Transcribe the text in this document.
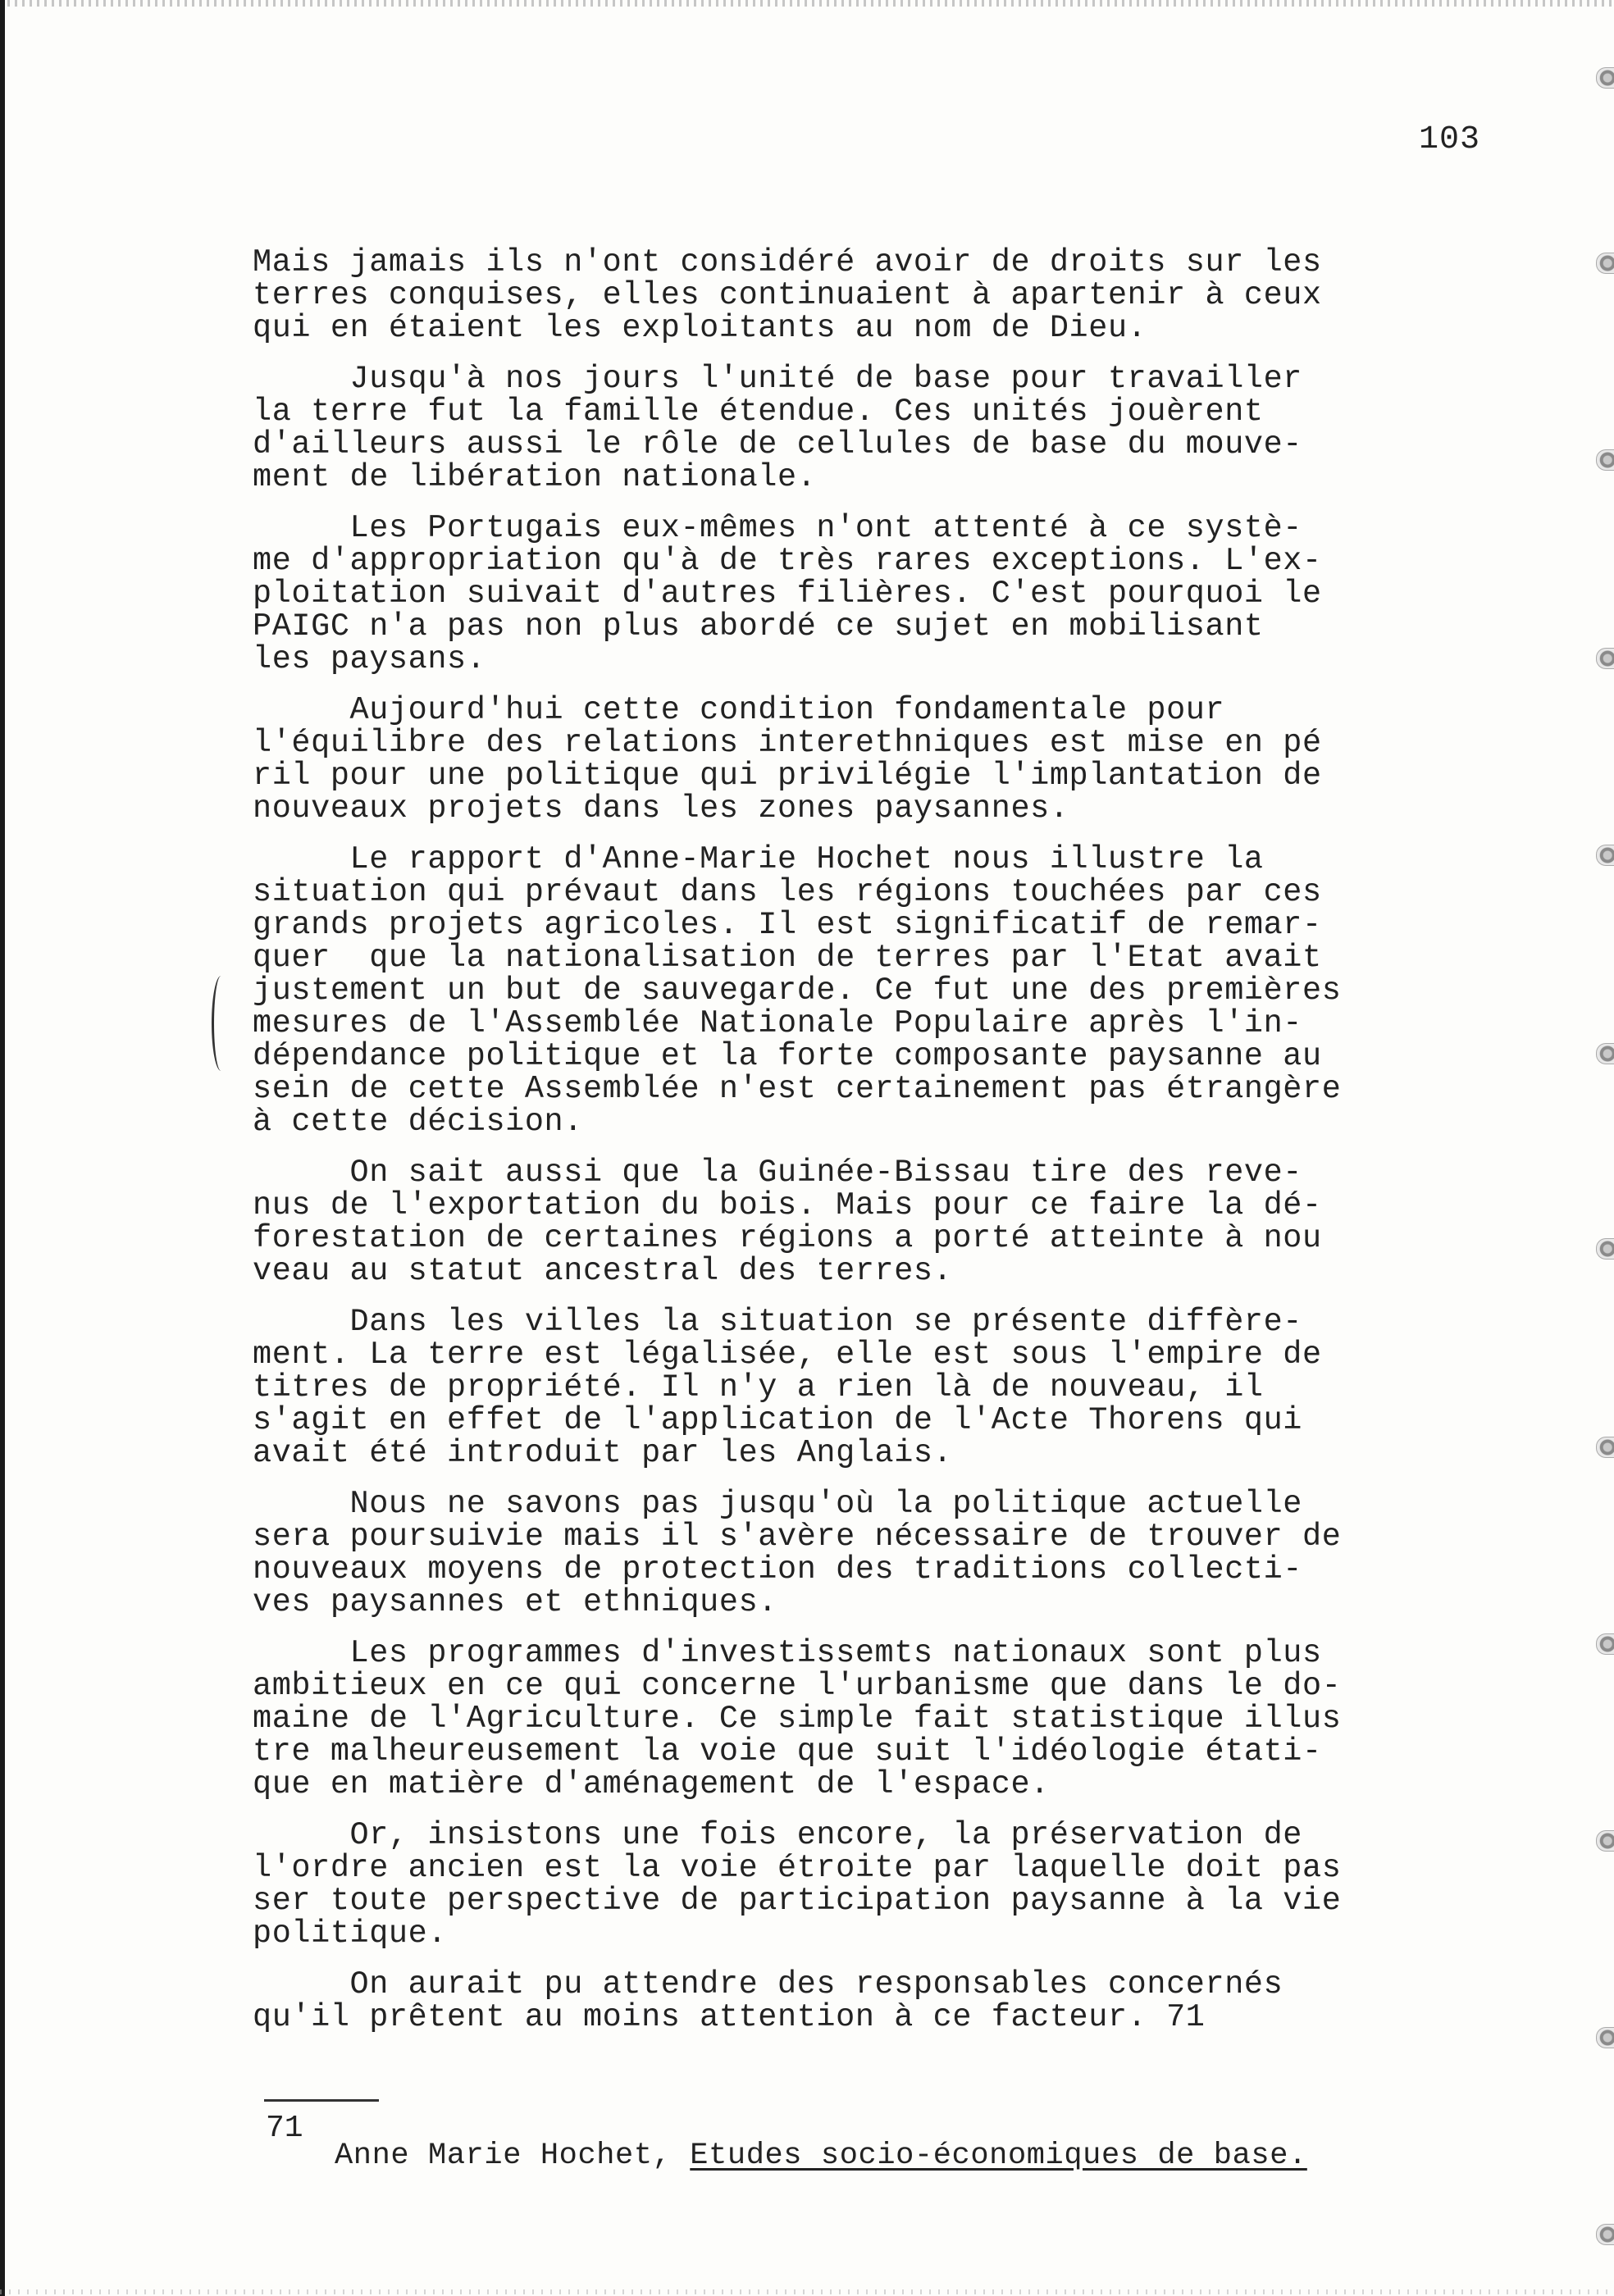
103
Mais jamais ils n'ont considéré avoir de droits sur les
terres conquises, elles continuaient à apartenir à ceux
qui en étaient les exploitants au nom de Dieu.
Jusqu'à nos jours l'unité de base pour travailler
la terre fut la famille étendue. Ces unités jouèrent
d'ailleurs aussi le rôle de cellules de base du mouve-
ment de libération nationale.
Les Portugais eux-mêmes n'ont attenté à ce systè-
me d'appropriation qu'à de très rares exceptions. L'ex-
ploitation suivait d'autres filières. C'est pourquoi le
PAIGC n'a pas non plus abordé ce sujet en mobilisant
les paysans.
Aujourd'hui cette condition fondamentale pour
l'équilibre des relations interethniques est mise en pé
ril pour une politique qui privilégie l'implantation de
nouveaux projets dans les zones paysannes.
Le rapport d'Anne-Marie Hochet nous illustre la
situation qui prévaut dans les régions touchées par ces
grands projets agricoles. Il est significatif de remar-
quer  que la nationalisation de terres par l'Etat avait
justement un but de sauvegarde. Ce fut une des premières
mesures de l'Assemblée Nationale Populaire après l'in-
dépendance politique et la forte composante paysanne au
sein de cette Assemblée n'est certainement pas étrangère
à cette décision.
On sait aussi que la Guinée-Bissau tire des reve-
nus de l'exportation du bois. Mais pour ce faire la dé-
forestation de certaines régions a porté atteinte à nou
veau au statut ancestral des terres.
Dans les villes la situation se présente diffère-
ment. La terre est légalisée, elle est sous l'empire de
titres de propriété. Il n'y a rien là de nouveau, il
s'agit en effet de l'application de l'Acte Thorens qui
avait été introduit par les Anglais.
Nous ne savons pas jusqu'où la politique actuelle
sera poursuivie mais il s'avère nécessaire de trouver de
nouveaux moyens de protection des traditions collecti-
ves paysannes et ethniques.
Les programmes d'investissemts nationaux sont plus
ambitieux en ce qui concerne l'urbanisme que dans le do-
maine de l'Agriculture. Ce simple fait statistique illus
tre malheureusement la voie que suit l'idéologie étati-
que en matière d'aménagement de l'espace.
Or, insistons une fois encore, la préservation de
l'ordre ancien est la voie étroite par laquelle doit pas
ser toute perspective de participation paysanne à la vie
politique.
On aurait pu attendre des responsables concernés
qu'il prêtent au moins attention à ce facteur. 71
71
Anne Marie Hochet, Etudes socio-économiques de base.
